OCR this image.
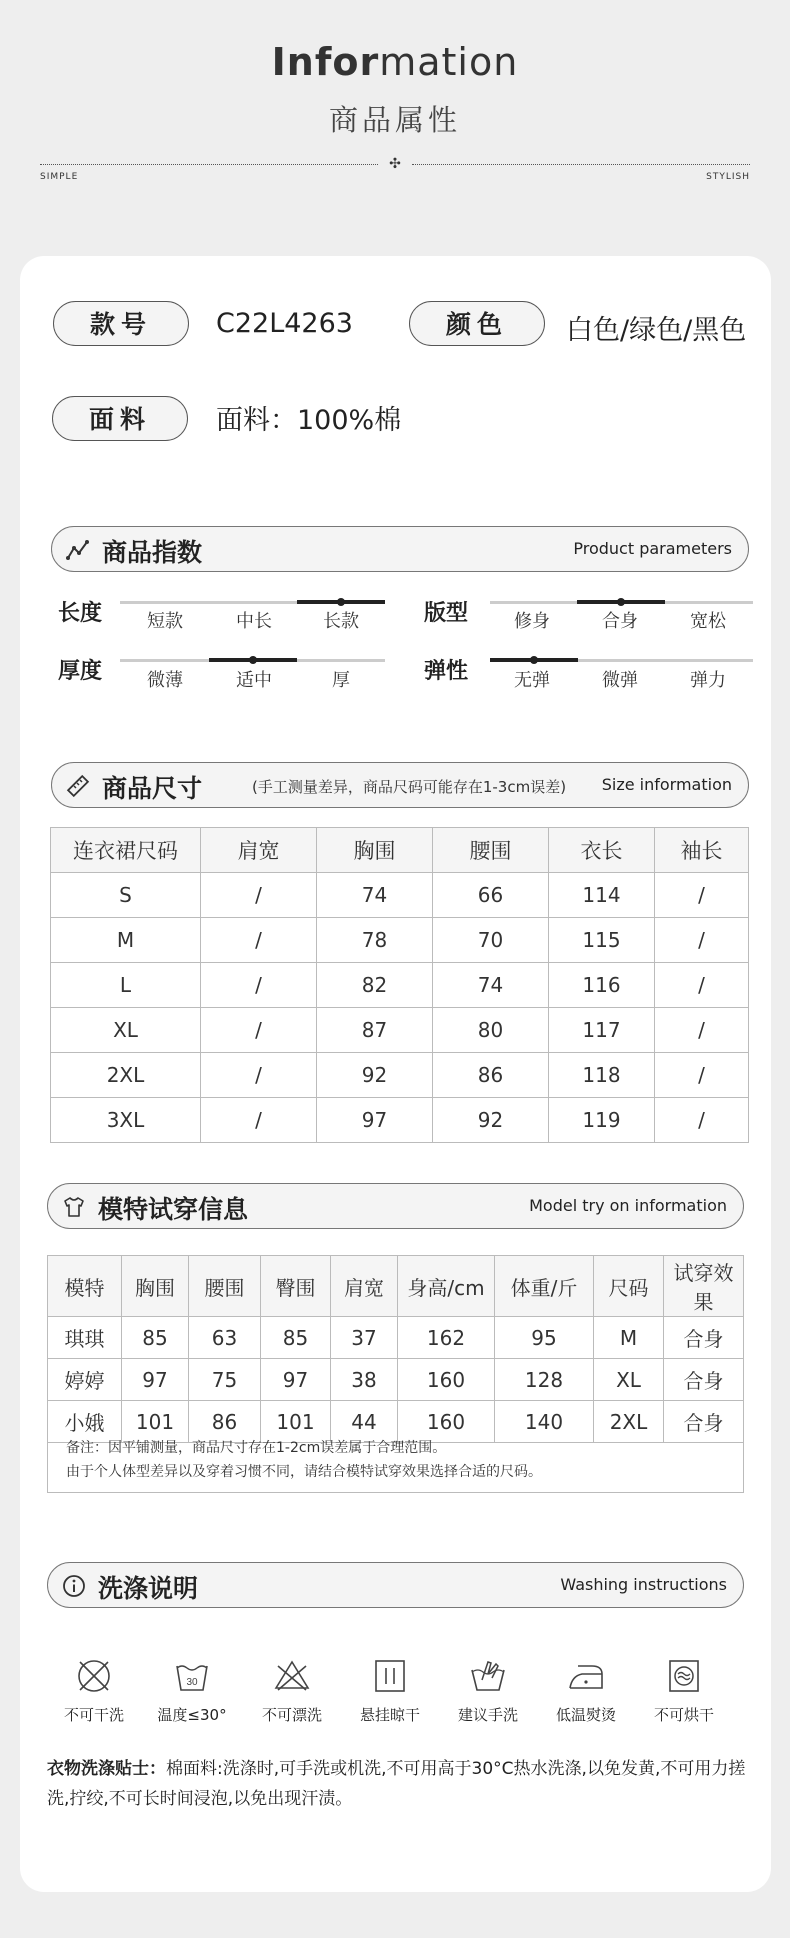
Information
商品属性
✣
SIMPLE	STYLISH
款号	C22L4263	颜色	白色/绿色/黑色
面料	面料：100%棉
商品指数	Product parameters
长度	短款	中长	长款	版型	修身	合身	宽松
厚度	微薄	适中	厚	弹性	无弹	微弹	弹力
商品尺寸	(手工测量差异，商品尺码可能存在1-3cm误差) Size information
连衣裙尺码	肩宽	胸围	腰围	衣长	袖长
S	/	74	66	114	/
M	/	78	70	115	/
L	/	82	74	116	/
XL	/	87	80	117	/
2XL	/	92	86	118	/
3XL	/	97	92	119	/
模特试穿信息	Model try on information
模特	胸围	腰围	臀围	肩宽	身高/cm	体重/斤	尺码	试穿效果
琪琪	85	63	85	37	162	95	M	合身
婷婷	97	75	97	38	160	128	XL	合身
小娥	101	86	101	44	160	140	2XL	合身
备注：因平铺测量，商品尺寸存在1-2cm误差属于合理范围。
由于个人体型差异以及穿着习惯不同，请结合模特试穿效果选择合适的尺码。
洗涤说明	Washing instructions
不可干洗
30
温度≤30°	不可漂洗	悬挂晾干	建议手洗	低温熨烫	不可烘干
衣物洗涤贴士：棉面料:洗涤时,可手洗或机洗,不可用高于30°C热水洗涤,以免发黄,不可用力搓洗,拧绞,不可长时间浸泡,以免出现汗渍。
